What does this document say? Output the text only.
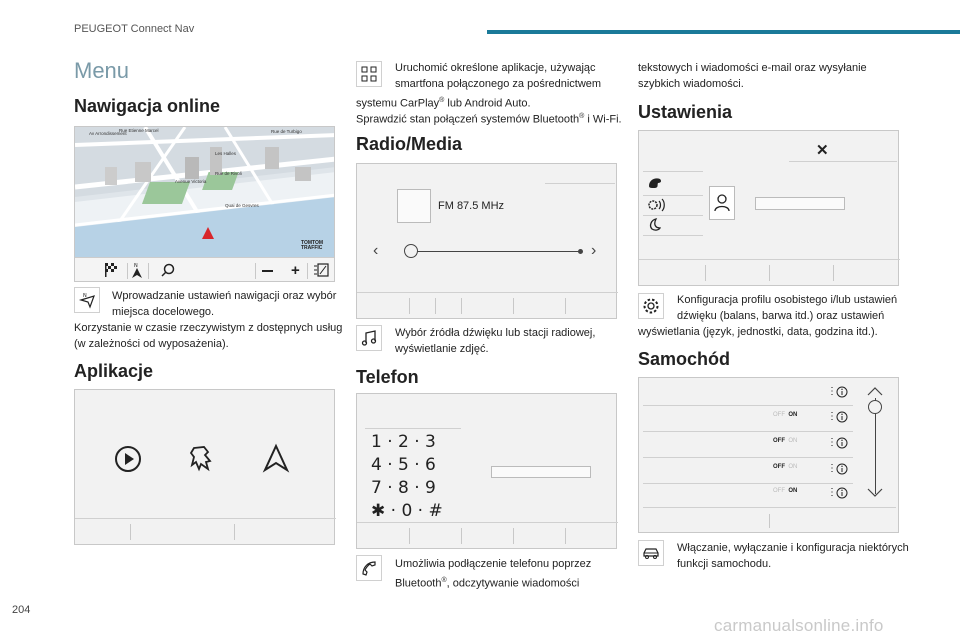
PEUGEOT Connect Nav
Menu
Nawigacja online
Av Arrondissement
Rue Etienne Marcel	Rue de Turbigo
Les Halles
Rue de Rivoli
Avenue Victoria
Quai de Gesvres
TOMTOM TRAFFIC
N	+
N Wprowadzanie ustawień nawigacji oraz wybór
miejsca docelowego.
Korzystanie w czasie rzeczywistym z dostępnych usług
(w zależności od wyposażenia).
Aplikacje
Uruchomić określone aplikacje, używając
smartfona połączonego za pośrednictwem
systemu CarPlay® lub Android Auto.
Sprawdzić stan połączeń systemów Bluetooth® i Wi-Fi.
Radio/Media
FM 87.5 MHz
‹	›
Wybór źródła dźwięku lub stacji radiowej,
wyświetlanie zdjęć.
Telefon
1 · 2 · 3
4 · 5 · 6
7 · 8 · 9
✱ · 0 · #
Umożliwia podłączenie telefonu poprzez
Bluetooth®, odczytywanie wiadomości
tekstowych i wiadomości e-mail oraz wysyłanie
szybkich wiadomości.
Ustawienia
✕
Konfiguracja profilu osobistego i/lub ustawień
dźwięku (balans, barwa itd.) oraz ustawień
wyświetlania (język, jednostki, data, godzina itd.).
Samochód
⋮
OFF ON	⋮
OFF ON	⋮
OFF ON	⋮
OFF ON	⋮
Włączanie, wyłączanie i konfiguracja niektórych
funkcji samochodu.
204
carmanualsonline.info
